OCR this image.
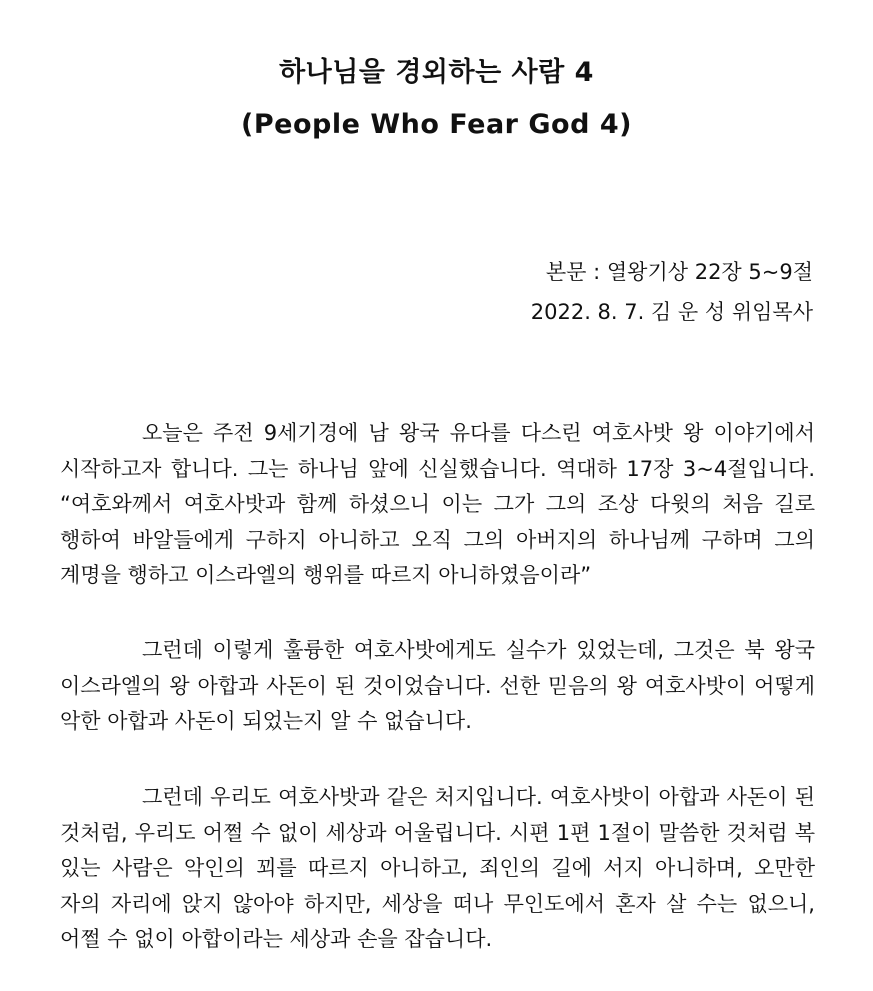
하나님을 경외하는 사람 4
(People Who Fear God 4)
본문 : 열왕기상 22장 5~9절
2022. 8. 7. 김 운 성 위임목사

오늘은 주전 9세기경에 남 왕국 유다를 다스린 여호사밧 왕 이야기에서 시작하고자 합니다. 그는 하나님 앞에 신실했습니다. 역대하 17장 3~4절입니다. “여호와께서 여호사밧과 함께 하셨으니 이는 그가 그의 조상 다윗의 처음 길로 행하여 바알들에게 구하지 아니하고 오직 그의 아버지의 하나님께 구하며 그의 계명을 행하고 이스라엘의 행위를 따르지 아니하였음이라”

그런데 이렇게 훌륭한 여호사밧에게도 실수가 있었는데, 그것은 북 왕국 이스라엘의 왕 아합과 사돈이 된 것이었습니다. 선한 믿음의 왕 여호사밧이 어떻게 악한 아합과 사돈이 되었는지 알 수 없습니다.

그런데 우리도 여호사밧과 같은 처지입니다. 여호사밧이 아합과 사돈이 된 것처럼, 우리도 어쩔 수 없이 세상과 어울립니다. 시편 1편 1절이 말씀한 것처럼 복 있는 사람은 악인의 꾀를 따르지 아니하고, 죄인의 길에 서지 아니하며, 오만한 자의 자리에 앉지 않아야 하지만, 세상을 떠나 무인도에서 혼자 살 수는 없으니, 어쩔 수 없이 아합이라는 세상과 손을 잡습니다.
